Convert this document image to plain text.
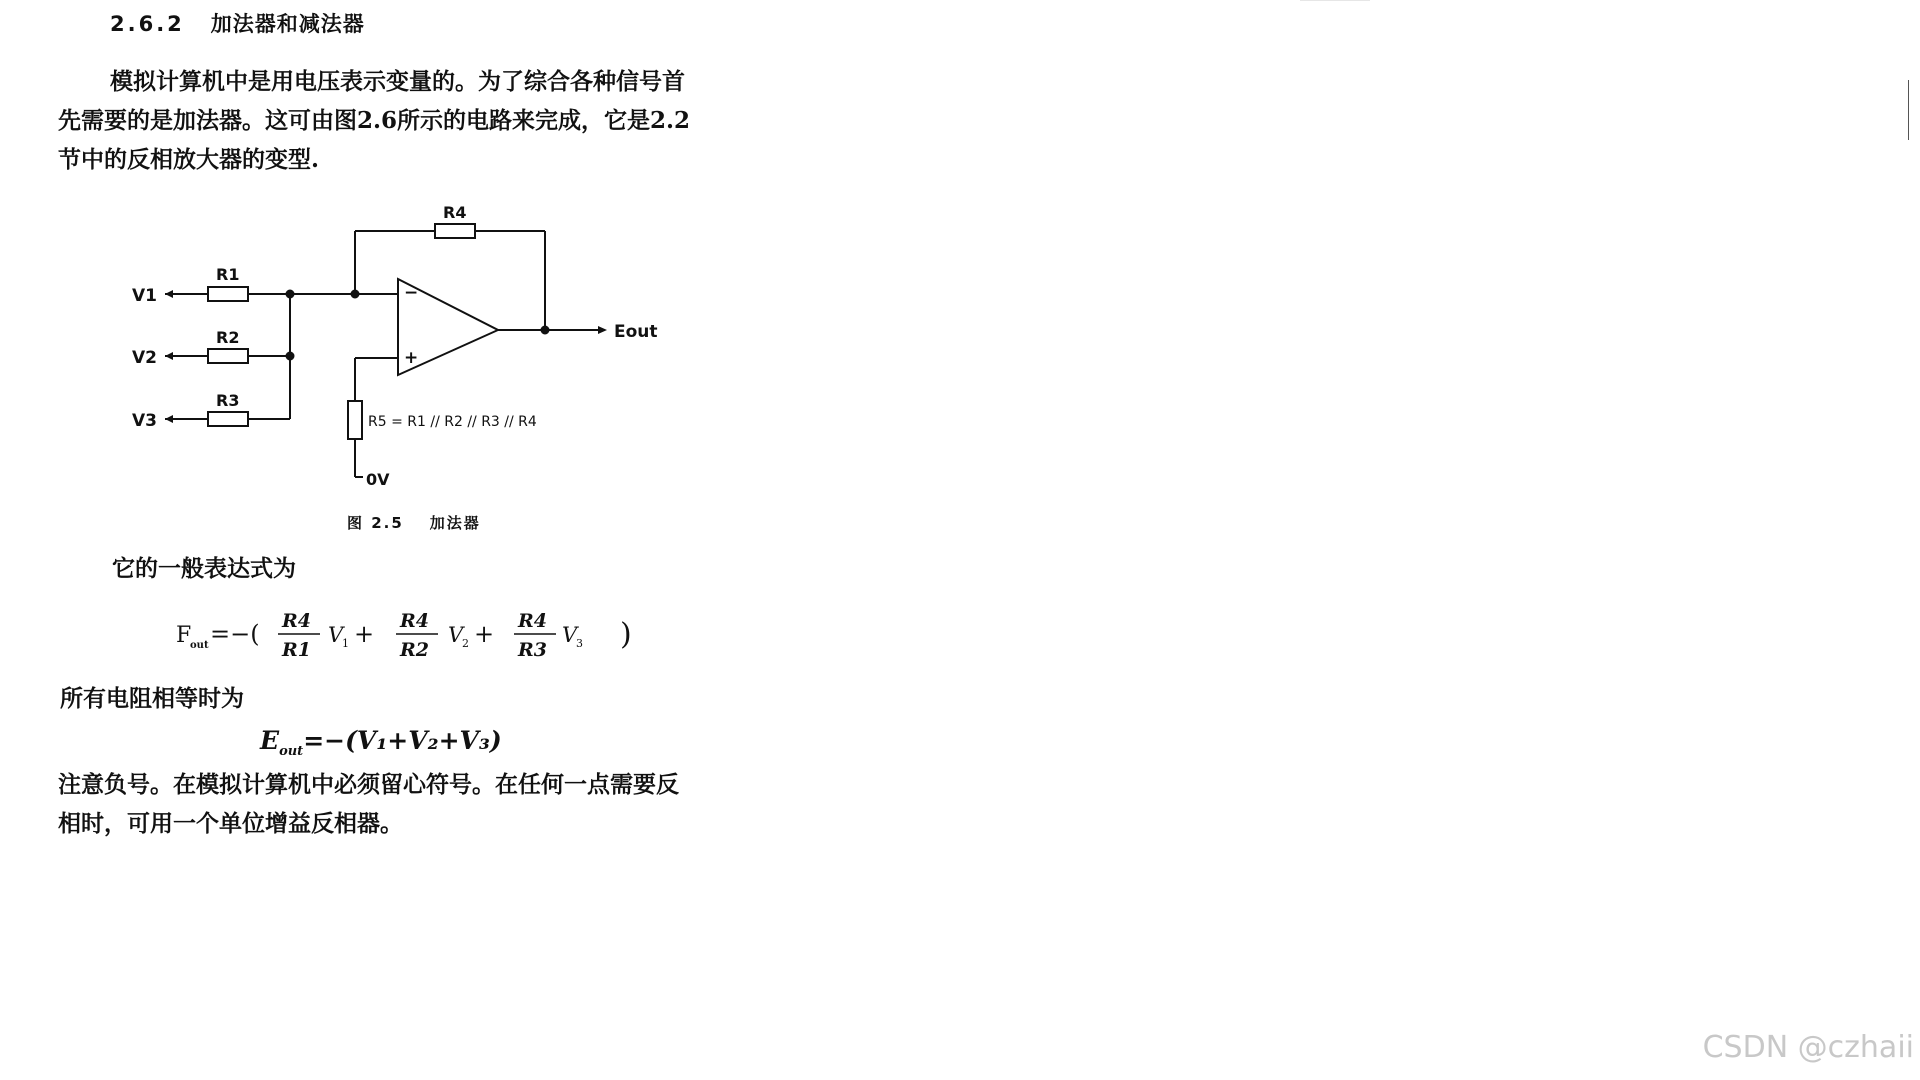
2.6.2 加法器和减法器
模拟计算机中是用电压表示变量的。为了综合各种信号首
先需要的是加法器。这可由图2.6所示的电路来完成，它是2.2
节中的反相放大器的变型.
V1
V2
V3
R1
R2
R3
R4
−
+
Eout
0V
R5 = R1 // R2 // R3 // R4
图 2.5 加法器
它的一般表达式为
F
out =−( R4
R1
V
1 + R4
R2
V
2 + R4
R3
V
3 )
所有电阻相等时为
$E_{out}=-(V_1+V_2+V_3)$
注意负号。在模拟计算机中必须留心符号。在任何一点需要反
相时，可用一个单位增益反相器。
CSDN @czhaii
